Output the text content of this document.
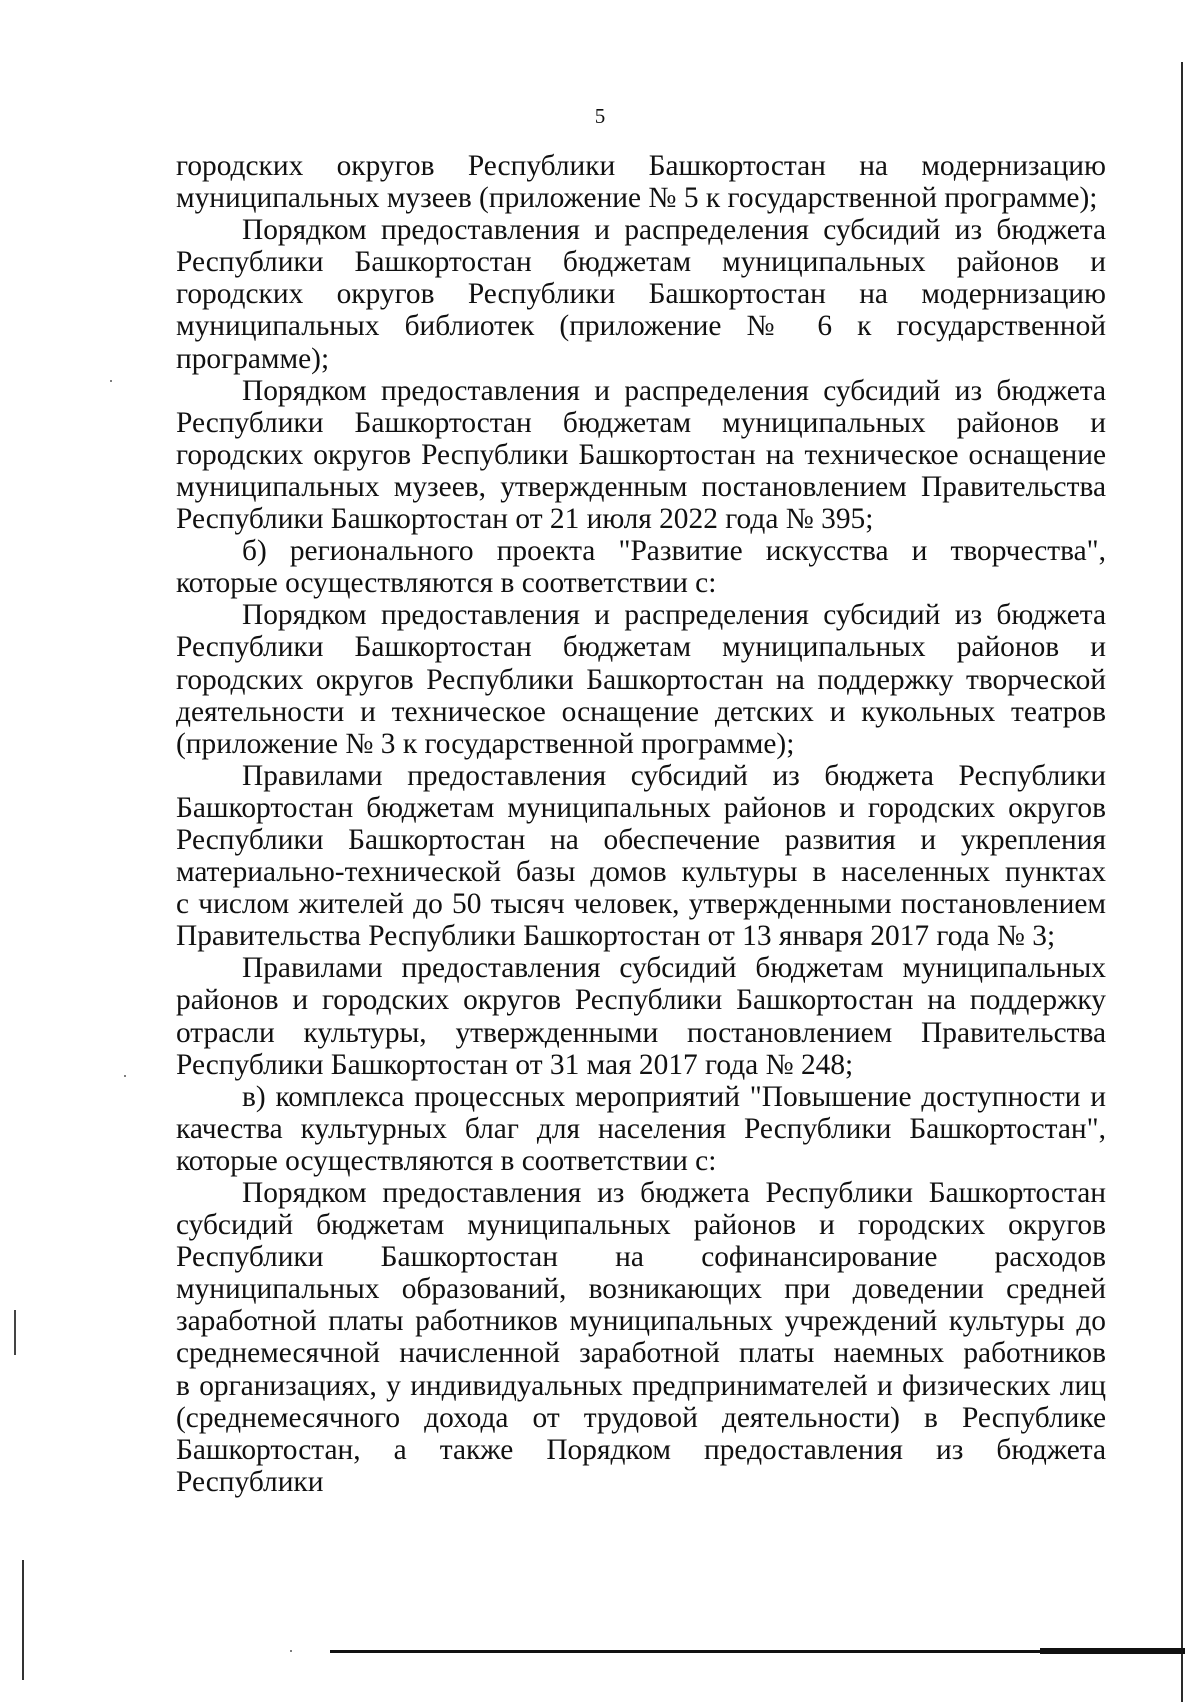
5
городских округов Республики Башкортостан на модернизацию
муниципальных музеев (приложение № 5 к государственной программе);
Порядком предоставления и распределения субсидий из бюджета
Республики Башкортостан бюджетам муниципальных районов и
городских округов Республики Башкортостан на модернизацию
муниципальных библиотек (приложение № 6 к государственной
программе);
Порядком предоставления и распределения субсидий из бюджета
Республики Башкортостан бюджетам муниципальных районов и
городских округов Республики Башкортостан на техническое оснащение
муниципальных музеев, утвержденным постановлением Правительства
Республики Башкортостан от 21 июля 2022 года № 395;
б) регионального проекта "Развитие искусства и творчества",
которые осуществляются в соответствии с:
Порядком предоставления и распределения субсидий из бюджета
Республики Башкортостан бюджетам муниципальных районов и
городских округов Республики Башкортостан на поддержку творческой
деятельности и техническое оснащение детских и кукольных театров
(приложение № 3 к государственной программе);
Правилами предоставления субсидий из бюджета Республики
Башкортостан бюджетам муниципальных районов и городских округов
Республики Башкортостан на обеспечение развития и укрепления
материально-технической базы домов культуры в населенных пунктах
с числом жителей до 50 тысяч человек, утвержденными постановлением
Правительства Республики Башкортостан от 13 января 2017 года № 3;
Правилами предоставления субсидий бюджетам муниципальных
районов и городских округов Республики Башкортостан на поддержку
отрасли культуры, утвержденными постановлением Правительства
Республики Башкортостан от 31 мая 2017 года № 248;
в) комплекса процессных мероприятий "Повышение доступности и
качества культурных благ для населения Республики Башкортостан",
которые осуществляются в соответствии с:
Порядком предоставления из бюджета Республики Башкортостан
субсидий бюджетам муниципальных районов и городских округов
Республики Башкортостан на софинансирование расходов
муниципальных образований, возникающих при доведении средней
заработной платы работников муниципальных учреждений культуры до
среднемесячной начисленной заработной платы наемных работников
в организациях, у индивидуальных предпринимателей и физических лиц
(среднемесячного дохода от трудовой деятельности) в Республике
Башкортостан, а также Порядком предоставления из бюджета Республики
